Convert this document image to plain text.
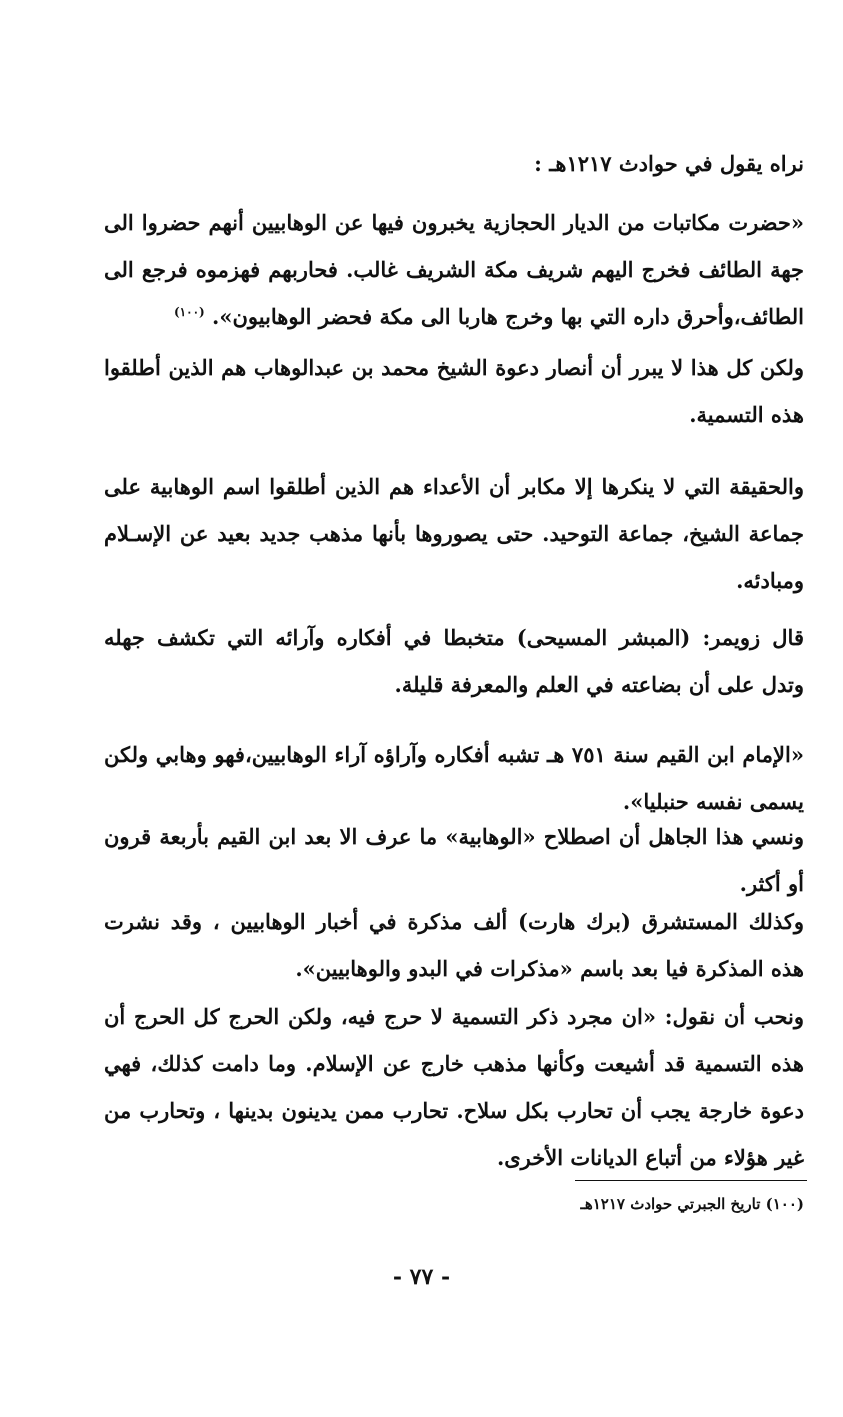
نراه يقول في حوادث ١٢١٧هـ :
«حضرت مكاتبات من الديار الحجازية يخبرون فيها عن الوهابيين أنهم حضروا الى جهة الطائف فخرج اليهم شريف مكة الشريف غالب. فحاربهم فهزموه فرجع الى الطائف،وأحرق داره التي بها وخرج هاربا الى مكة فحضر الوهابيون». $^{(١٠٠)}$
ولكن كل هذا لا يبرر أن أنصار دعوة الشيخ محمد بن عبدالوهاب هم الذين أطلقوا هذه التسمية.
والحقيقة التي لا ينكرها إلا مكابر أن الأعداء هم الذين أطلقوا اسم الوهابية على جماعة الشيخ، جماعة التوحيد. حتى يصوروها بأنها مذهب جديد بعيد عن الإسـلام ومبادئه.
قال زويمر: (المبشر المسيحى) متخبطا في أفكاره وآرائه التي تكشف جهله وتدل على أن بضاعته في العلم والمعرفة قليلة.
«الإمام ابن القيم سنة ٧٥١ هـ تشبه أفكاره وآراؤه آراء الوهابيين،فهو وهابي ولكن يسمى نفسه حنبليا».
ونسي هذا الجاهل أن اصطلاح «الوهابية» ما عرف الا بعد ابن القيم بأربعة قرون أو أكثر.
وكذلك المستشرق (برك هارت) ألف مذكرة في أخبار الوهابيين ، وقد نشرت هذه المذكرة فيا بعد باسم «مذكرات في البدو والوهابيين».
ونحب أن نقول: «ان مجرد ذكر التسمية لا حرج فيه، ولكن الحرج كل الحرج أن هذه التسمية قد أشيعت وكأنها مذهب خارج عن الإسلام. وما دامت كذلك، فهي دعوة خارجة يجب أن تحارب بكل سلاح. تحارب ممن يدينون بدينها ، وتحارب من غير هؤلاء من أتباع الديانات الأخرى.
(١٠٠) تاريخ الجبرتي حوادث ١٢١٧هـ
- ٧٧ -
